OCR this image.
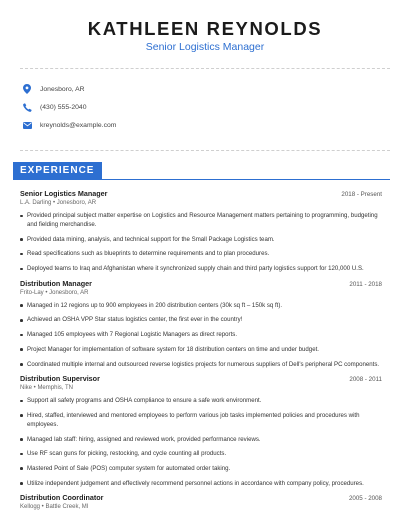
KATHLEEN REYNOLDS
Senior Logistics Manager
Jonesboro, AR
(430) 555-2040
kreynolds@example.com
EXPERIENCE
Senior Logistics Manager	2018 - Present
L.A. Darling • Jonesboro, AR
Provided principal subject matter expertise on Logistics and Resource Management matters pertaining to programming, budgeting and fielding merchandise.
Provided data mining, analysis, and technical support for the Small Package Logistics team.
Read specifications such as blueprints to determine requirements and to plan procedures.
Deployed teams to Iraq and Afghanistan where it synchronized supply chain and third party logistics support for 120,000 U.S.
Distribution Manager	2011 - 2018
Frito-Lay • Jonesboro, AR
Managed in 12 regions up to 900 employees in 200 distribution centers (30k sq ft – 150k sq ft).
Achieved an OSHA VPP Star status logistics center, the first ever in the country!
Managed 105 employees with 7 Regional Logistic Managers as direct reports.
Project Manager for implementation of software system for 18 distribution centers on time and under budget.
Coordinated multiple internal and outsourced reverse logistics projects for numerous suppliers of Dell's peripheral PC components.
Distribution Supervisor	2008 - 2011
Nike • Memphis, TN
Support all safety programs and OSHA compliance to ensure a safe work environment.
Hired, staffed, interviewed and mentored employees to perform various job tasks implemented policies and procedures with employees.
Managed lab staff: hiring, assigned and reviewed work, provided performance reviews.
Use RF scan guns for picking, restocking, and cycle counting all products.
Mastered Point of Sale (POS) computer system for automated order taking.
Utilize independent judgement and effectively recommend personnel actions in accordance with company policy, procedures.
Distribution Coordinator	2005 - 2008
Kellogg • Battle Creek, MI
